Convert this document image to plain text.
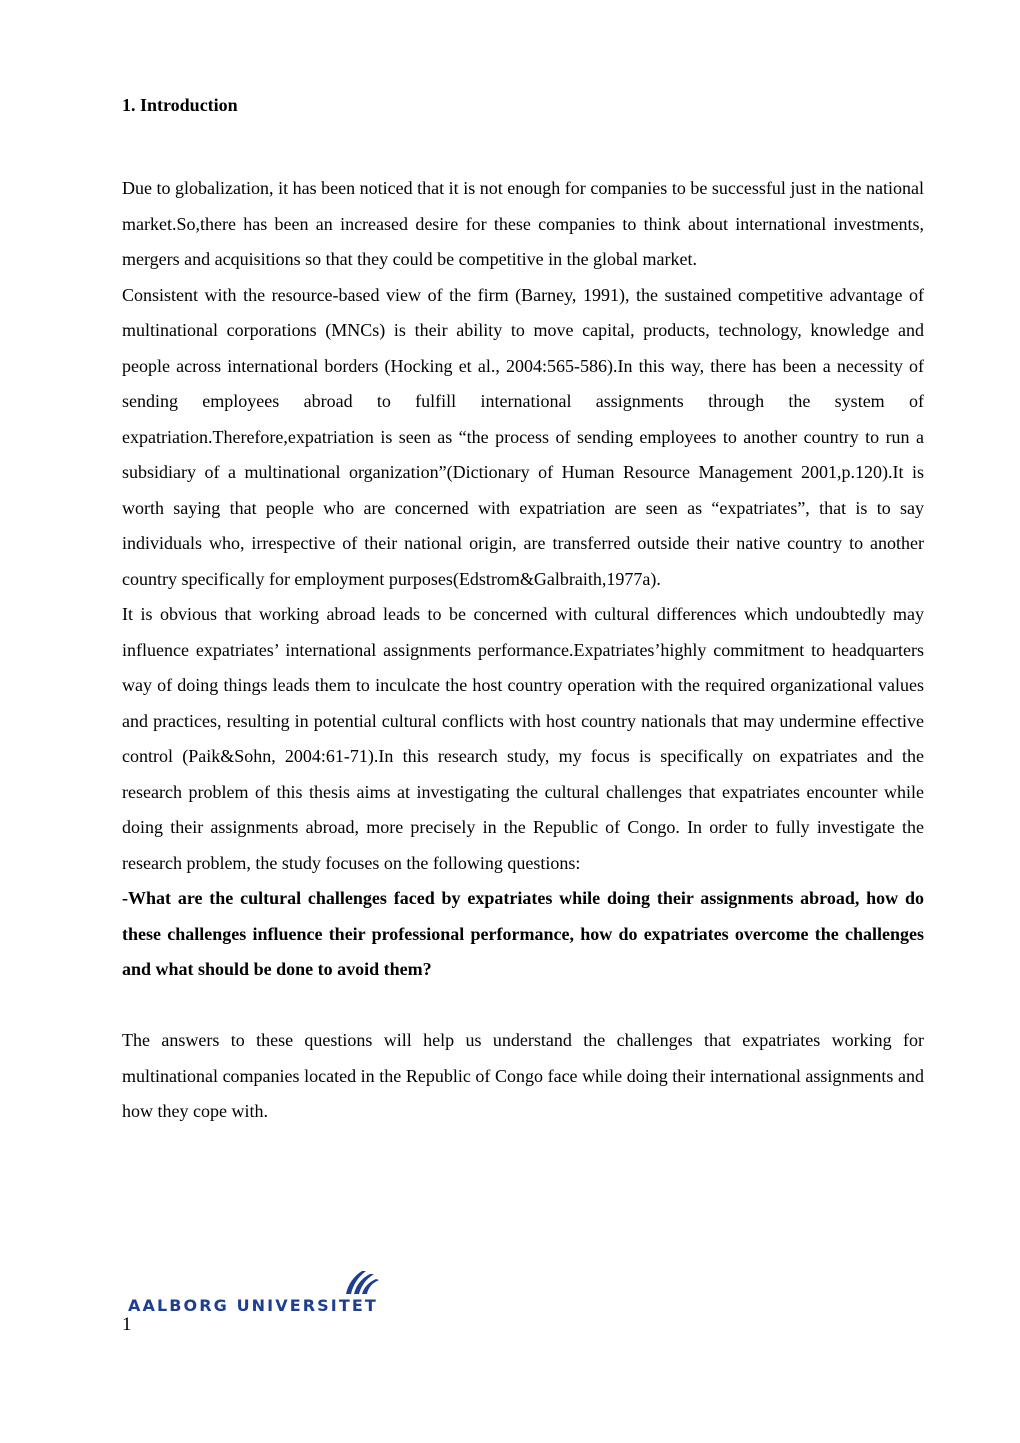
1. Introduction

Due to globalization, it has been noticed that it is not enough for companies to be successful just in the national market.So,there has been an increased desire for these companies to think about international investments, mergers and acquisitions so that they could be competitive in the global market.

Consistent with the resource-based view of the firm (Barney, 1991), the sustained competitive advantage of multinational corporations (MNCs) is their ability to move capital, products, technology, knowledge and people across international borders (Hocking et al., 2004:565-586).In this way, there has been a necessity of sending employees abroad to fulfill international assignments through the system of expatriation.Therefore,expatriation is seen as “the process of sending employees to another country to run a subsidiary of a multinational organization”(Dictionary of Human Resource Management 2001,p.120).It is worth saying that people who are concerned with expatriation are seen as “expatriates”, that is to say individuals who, irrespective of their national origin, are transferred outside their native country to another country specifically for employment purposes(Edstrom&Galbraith,1977a).

It is obvious that working abroad leads to be concerned with cultural differences which undoubtedly may influence expatriates’ international assignments performance.Expatriates’highly commitment to headquarters way of doing things leads them to inculcate the host country operation with the required organizational values and practices, resulting in potential cultural conflicts with host country nationals that may undermine effective control (Paik&Sohn, 2004:61-71).In this research study, my focus is specifically on expatriates and the research problem of this thesis aims at investigating the cultural challenges that expatriates encounter while doing their assignments abroad, more precisely in the Republic of Congo. In order to fully investigate the research problem, the study focuses on the following questions:

-What are the cultural challenges faced by expatriates while doing their assignments abroad, how do these challenges influence their professional performance, how do expatriates overcome the challenges and what should be done to avoid them?

The answers to these questions will help us understand the challenges that expatriates working for multinational companies located in the Republic of Congo face while doing their international assignments and how they cope with.

AALBORG UNIVERSITET
1
